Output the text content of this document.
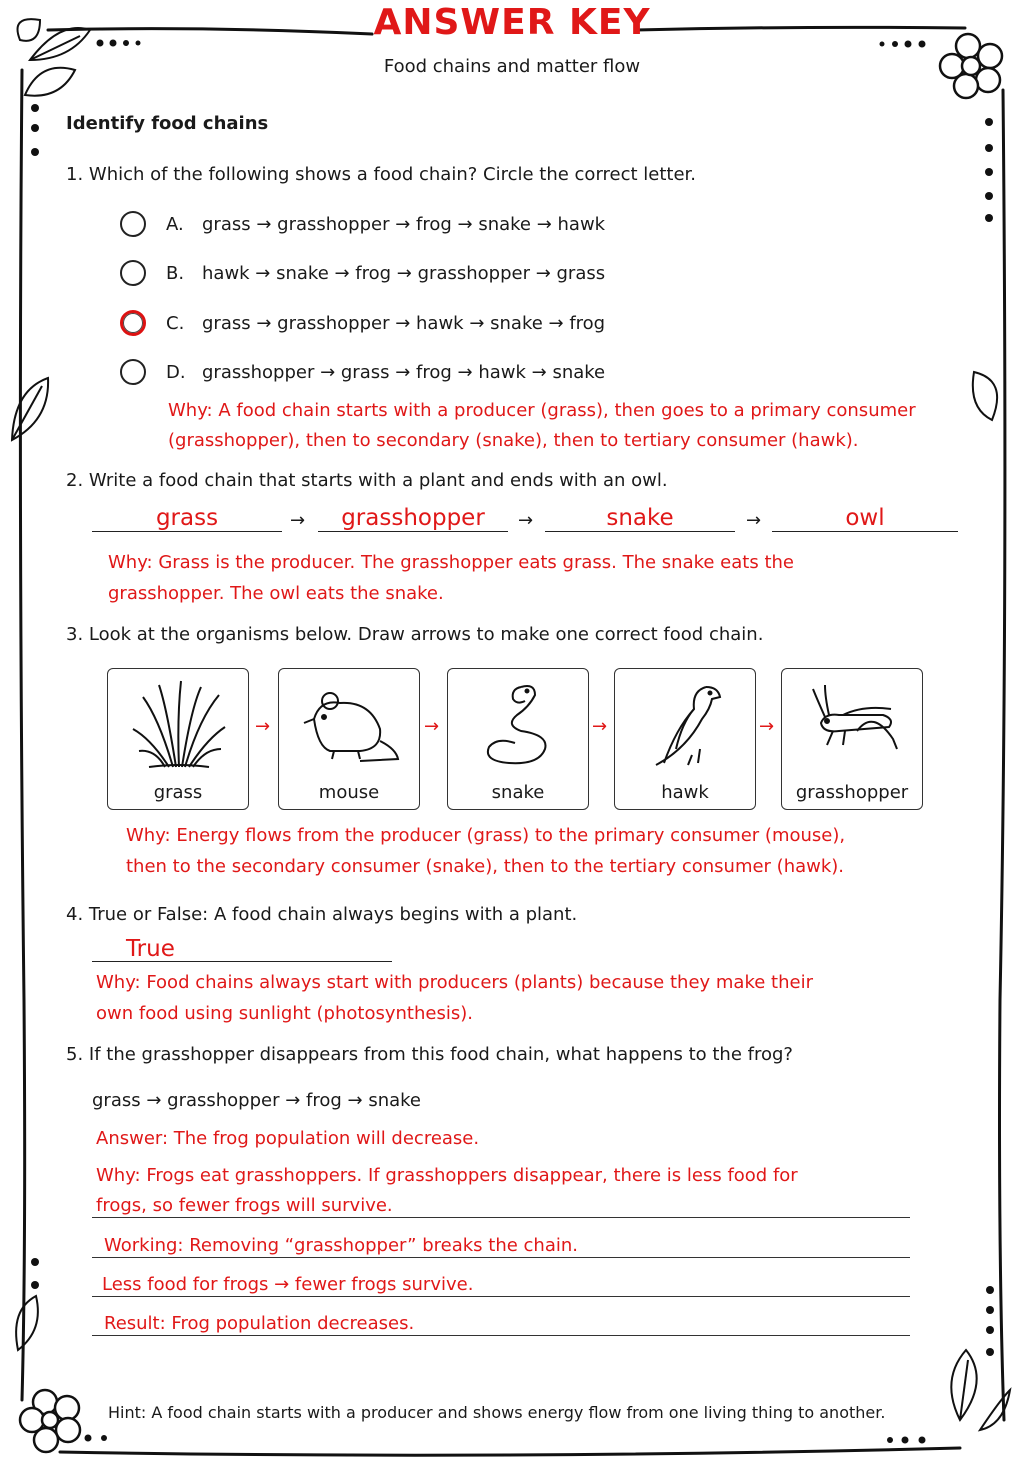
ANSWER KEY
Food chains and matter flow
Identify food chains
1. Which of the following shows a food chain? Circle the correct letter.
A.	grass → grasshopper → frog → snake → hawk
B. hawk → snake → frog → grasshopper → grass
C. grass → grasshopper → hawk → snake → frog
D. grasshopper → grass → frog → hawk → snake
Why: A food chain starts with a producer (grass), then goes to a primary consumer
(grasshopper), then to secondary (snake), then to tertiary consumer (hawk).
2. Write a food chain that starts with a plant and ends with an owl.
grass	→	grasshopper	→	snake	→	owl
Why: Grass is the producer. The grasshopper eats grass. The snake eats the
grasshopper. The owl eats the snake.
3. Look at the organisms below. Draw arrows to make one correct food chain.
grass
→
mouse
→
snake
→
hawk
→
grasshopper
Why: Energy flows from the producer (grass) to the primary consumer (mouse),
then to the secondary consumer (snake), then to the tertiary consumer (hawk).
4. True or False: A food chain always begins with a plant.
True
Why: Food chains always start with producers (plants) because they make their
own food using sunlight (photosynthesis).
5. If the grasshopper disappears from this food chain, what happens to the frog?
grass → grasshopper → frog → snake
Answer: The frog population will decrease.
Why: Frogs eat grasshoppers. If grasshoppers disappear, there is less food for
frogs, so fewer frogs will survive.
Working: Removing “grasshopper” breaks the chain.
Less food for frogs → fewer frogs survive.
Result: Frog population decreases.
Hint: A food chain starts with a producer and shows energy flow from one living thing to another.
